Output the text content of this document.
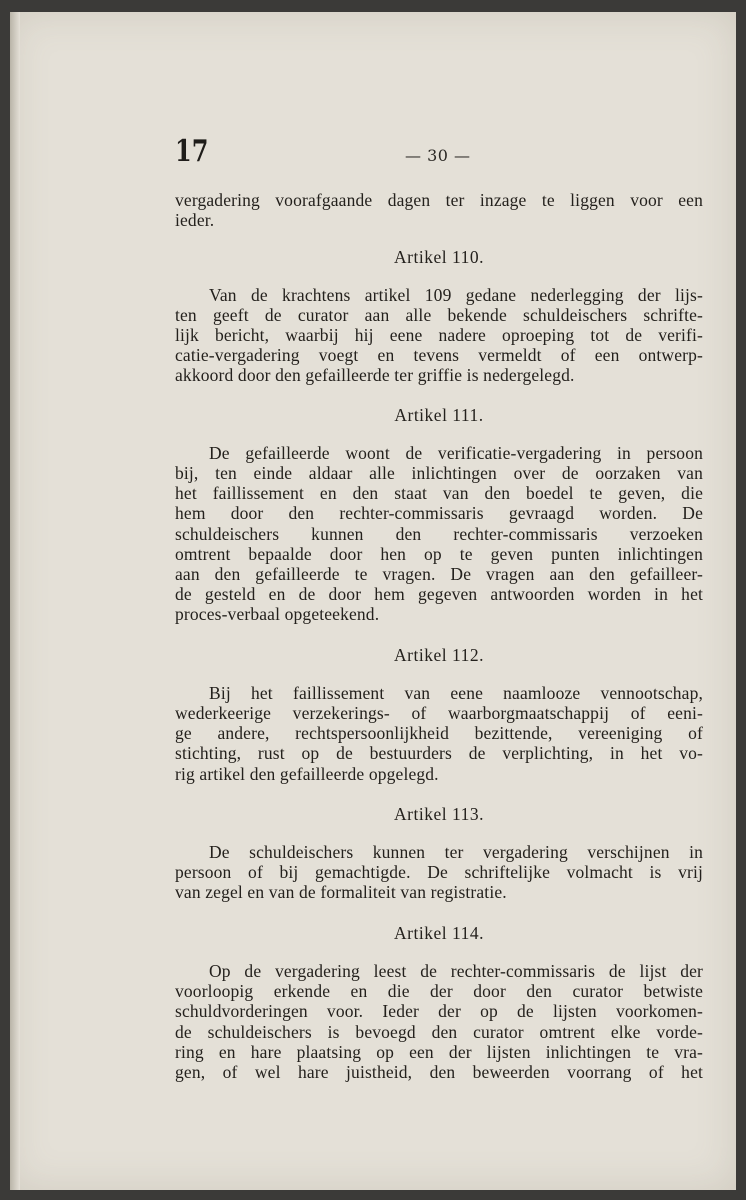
17	— 30 —
vergadering voorafgaande dagen ter inzage te liggen voor een
ieder.
Artikel 110.
Van de krachtens artikel 109 gedane nederlegging der lijs-
ten geeft de curator aan alle bekende schuldeischers schrifte-
lijk bericht, waarbij hij eene nadere oproeping tot de verifi-
catie-vergadering voegt en tevens vermeldt of een ontwerp-
akkoord door den gefailleerde ter griffie is nedergelegd.
Artikel 111.
De gefailleerde woont de verificatie-vergadering in persoon
bij, ten einde aldaar alle inlichtingen over de oorzaken van
het faillissement en den staat van den boedel te geven, die
hem door den rechter-commissaris gevraagd worden. De
schuldeischers kunnen den rechter-commissaris verzoeken
omtrent bepaalde door hen op te geven punten inlichtingen
aan den gefailleerde te vragen. De vragen aan den gefailleer-
de gesteld en de door hem gegeven antwoorden worden in het
proces-verbaal opgeteekend.
Artikel 112.
Bij het faillissement van eene naamlooze vennootschap,
wederkeerige verzekerings- of waarborgmaatschappij of eeni-
ge andere, rechtspersoonlijkheid bezittende, vereeniging of
stichting, rust op de bestuurders de verplichting, in het vo-
rig artikel den gefailleerde opgelegd.
Artikel 113.
De schuldeischers kunnen ter vergadering verschijnen in
persoon of bij gemachtigde. De schriftelijke volmacht is vrij
van zegel en van de formaliteit van registratie.
Artikel 114.
Op de vergadering leest de rechter-commissaris de lijst der
voorloopig erkende en die der door den curator betwiste
schuldvorderingen voor. Ieder der op de lijsten voorkomen-
de schuldeischers is bevoegd den curator omtrent elke vorde-
ring en hare plaatsing op een der lijsten inlichtingen te vra-
gen, of wel hare juistheid, den beweerden voorrang of het
